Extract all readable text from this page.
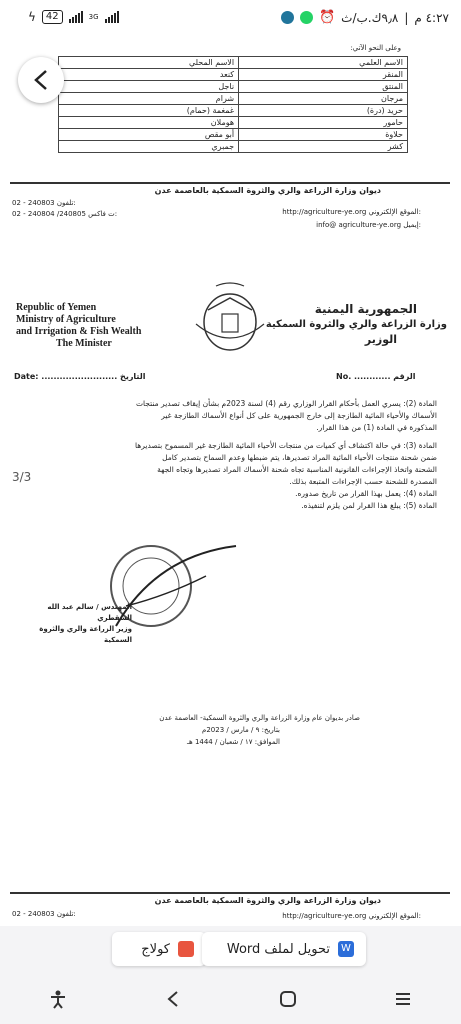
ϟ	42	3G	٤:٢٧ م
|
٩٫٨ك.ب/ث
⏰
وعلى النحو الآتي:
الاسم المحلي	الاسم العلمي
كنعد	المنقر
ناجل	المنتق
شرام	مرجان
غمغمة (حمام)	حريد (درة)
هوملان	حامور
أبو مقص	حلاوة
جمبري	كشر
ديوان وزارة الزراعة والري والثروة السمكية بالعاصمة عدن
02 - 240803 تلفون:
02 - 240804 /240805 ت فاكس:	http://agriculture-ye.org الموقع الإلكتروني:
info@ agriculture-ye.org إيميل:
Republic of Yemen
Ministry of Agriculture
and Irrigation & Fish Wealth
The Minister
الجمهورية اليمنية
وزارة الزراعة والري والثروة السمكية
الوزير
Date: ......................... التاريخ	No. ............ الرقم
المادة (2): يسري العمل بأحكام القرار الوزاري رقم (4) لسنة 2023م بشأن إيقاف تصدير منتجات
الأسماك والأحياء المائية الطازجة إلى خارج الجمهورية على كل أنواع الأسماك الطازجة غير
المذكورة في المادة (1) من هذا القرار.
المادة (3): في حالة اكتشاف أي كميات من منتجات الأحياء المائية الطازجة غير المسموح بتصديرها
ضمن شحنة منتجات الأحياء المائية المراد تصديرها، يتم ضبطها وعدم السماح بتصدير كامل
الشحنة واتخاذ الإجراءات القانونية المناسبة تجاه شحنة الأسماك المراد تصديرها وتجاه الجهة
المصدرة للشحنة حسب الإجراءات المتبعة بذلك.
المادة (4): يعمل بهذا القرار من تاريخ صدوره.
المادة (5): يبلغ هذا القرار لمن يلزم لتنفيذه.
المهندس / سالم عبد الله السقطري
وزير الزراعة والري والثروة السمكية
صادر بديوان عام وزارة الزراعة والري والثروة السمكية- العاصمة عدن
بتاريخ: ٩ / مارس / 2023م
الموافق: ١٧ / شعبان / 1444 هـ
ديوان وزارة الزراعة والري والثروة السمكية بالعاصمة عدن
02 - 240803 تلفون:	http://agriculture-ye.org الموقع الإلكتروني:
3/3
كولاج	W
تحويل لملف Word
